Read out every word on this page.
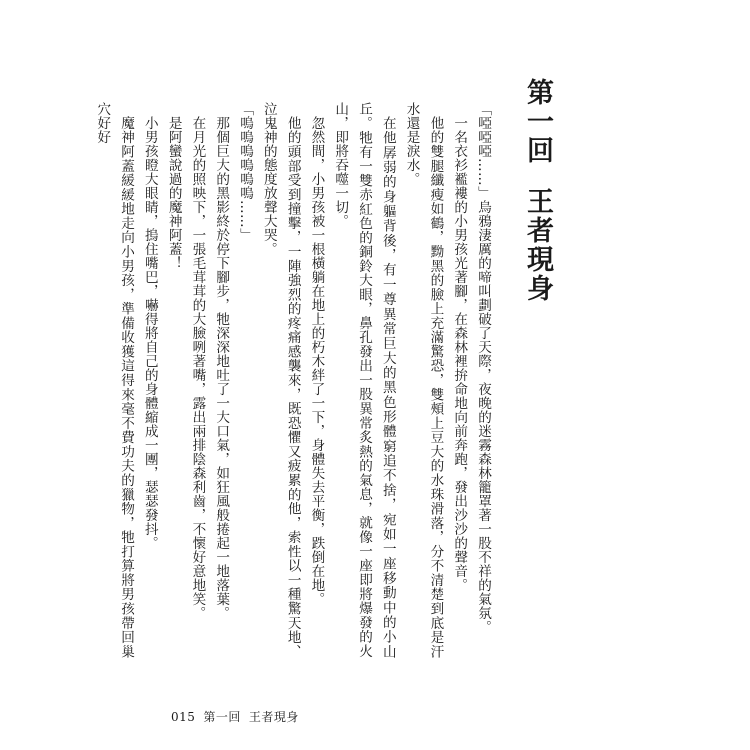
第一回王者現身

「啞啞啞……」烏鴉淒厲的啼叫劃破了天際，夜晚的迷霧森林籠罩著一股不祥的氣氛。

一名衣衫襤褸的小男孩光著腳，在森林裡拚命地向前奔跑，發出沙沙的聲音。

他的雙腿纖瘦如鶴，黝黑的臉上充滿驚恐，雙頰上豆大的水珠滑落，分不清楚到底是汗水還是淚水。

在他孱弱的身軀背後，有一尊異常巨大的黑色形體窮追不捨，宛如一座移動中的小山丘。牠有一雙赤紅色的銅鈴大眼，鼻孔發出一股異常炙熱的氣息，就像一座即將爆發的火山，即將吞噬一切。

忽然間，小男孩被一根橫躺在地上的朽木絆了一下，身體失去平衡，跌倒在地。

他的頭部受到撞擊，一陣強烈的疼痛感襲來，既恐懼又疲累的他，索性以一種驚天地、泣鬼神的態度放聲大哭。

「嗚嗚嗚嗚嗚嗚……」

那個巨大的黑影終於停下腳步，牠深深地吐了一大口氣，如狂風般捲起一地落葉。

在月光的照映下，一張毛茸茸的大臉咧著嘴，露出兩排陰森利齒，不懷好意地笑。

是阿蠻說過的魔神阿蓋！

小男孩瞪大眼睛，摀住嘴巴，嚇得將自己的身體縮成一團，瑟瑟發抖。

魔神阿蓋緩緩地走向小男孩，準備收獲這得來毫不費功夫的獵物，牠打算將男孩帶回巢穴好好

015 第一回 王者現身
